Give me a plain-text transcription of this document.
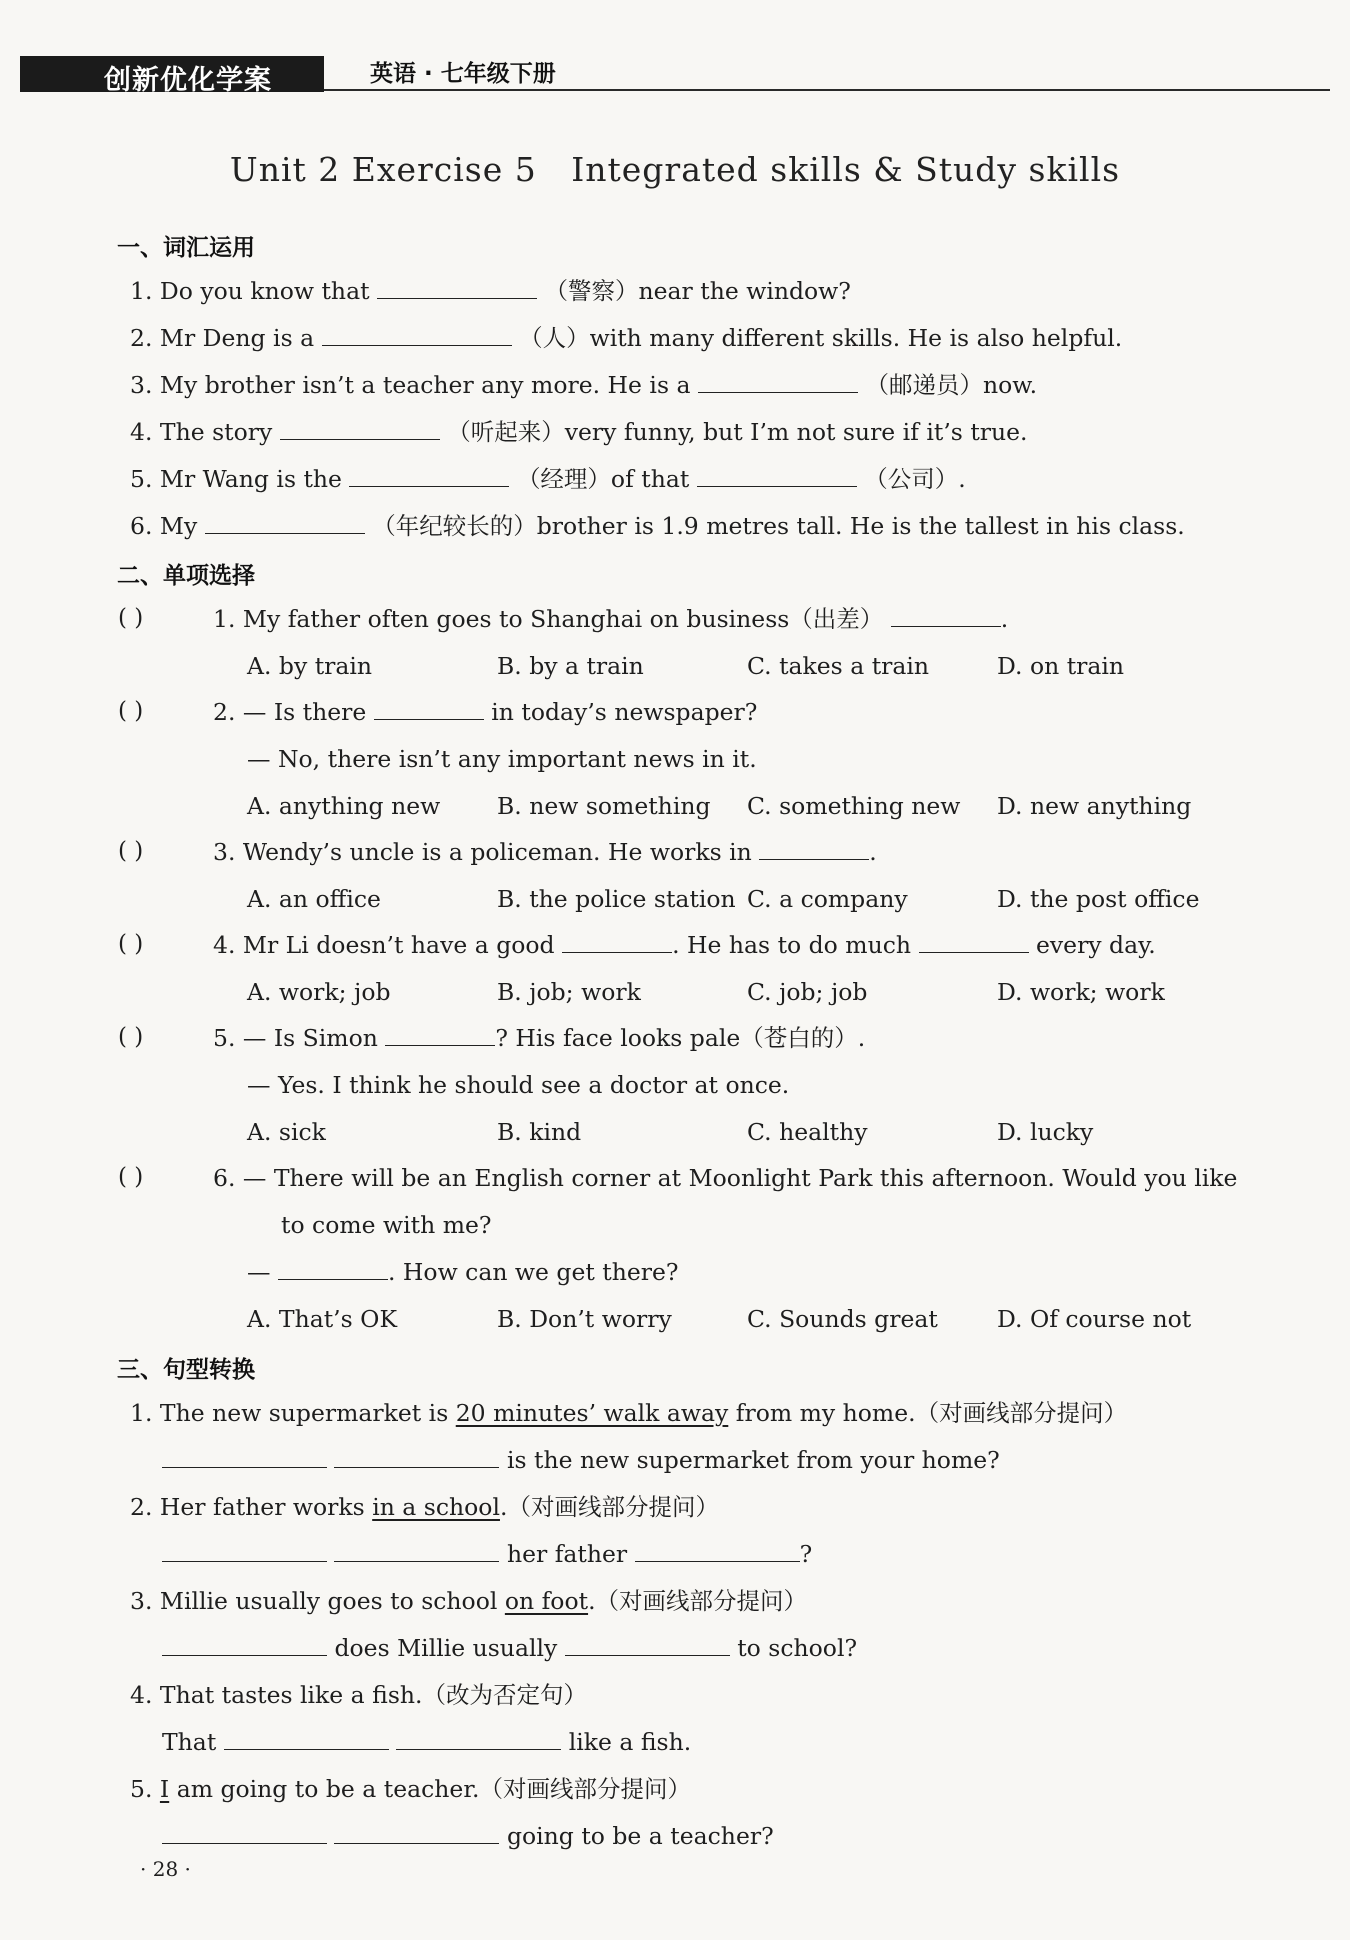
创新优化学案	英语 · 七年级下册
Unit 2 Exercise 5   Integrated skills & Study skills
一、词汇运用
1. Do you know that	（警察）near the window?
2. Mr Deng is a	（人）with many different skills. He is also helpful.
3. My brother isn’t a teacher any more. He is a	（邮递员）now.
4. The story	（听起来）very funny, but I’m not sure if it’s true.
5. Mr Wang is the	（经理）of that	（公司）.
6. My	（年纪较长的）brother is 1.9 metres tall. He is the tallest in his class.
二、单项选择
( )	1. My father often goes to Shanghai on business（出差）	.
A. by train	B. by a train	C. takes a train	D. on train
( )	2. — Is there	in today’s newspaper?
— No, there isn’t any important news in it.
A. anything new B. new something C. something new D. new anything
( )	3. Wendy’s uncle is a policeman. He works in	.
A. an office	B. the police station C. a company	D. the post office
( )	4. Mr Li doesn’t have a good	. He has to do much	every day.
A. work; job	B. job; work	C. job; job	D. work; work
( )	5. — Is Simon	? His face looks pale（苍白的）.
— Yes. I think he should see a doctor at once.
A. sick	B. kind	C. healthy	D. lucky
( )	6. — There will be an English corner at Moonlight Park this afternoon. Would you like
to come with me?
—	. How can we get there?
A. That’s OK	B. Don’t worry	C. Sounds great	D. Of course not
三、句型转换
1. The new supermarket is 20 minutes’ walk away from my home.（对画线部分提问）
is the new supermarket from your home?
2. Her father works in a school.（对画线部分提问）
her father	?
3. Millie usually goes to school on foot.（对画线部分提问）
does Millie usually	to school?
4. That tastes like a fish.（改为否定句）
That	like a fish.
5. I am going to be a teacher.（对画线部分提问）
going to be a teacher?
· 28 ·
